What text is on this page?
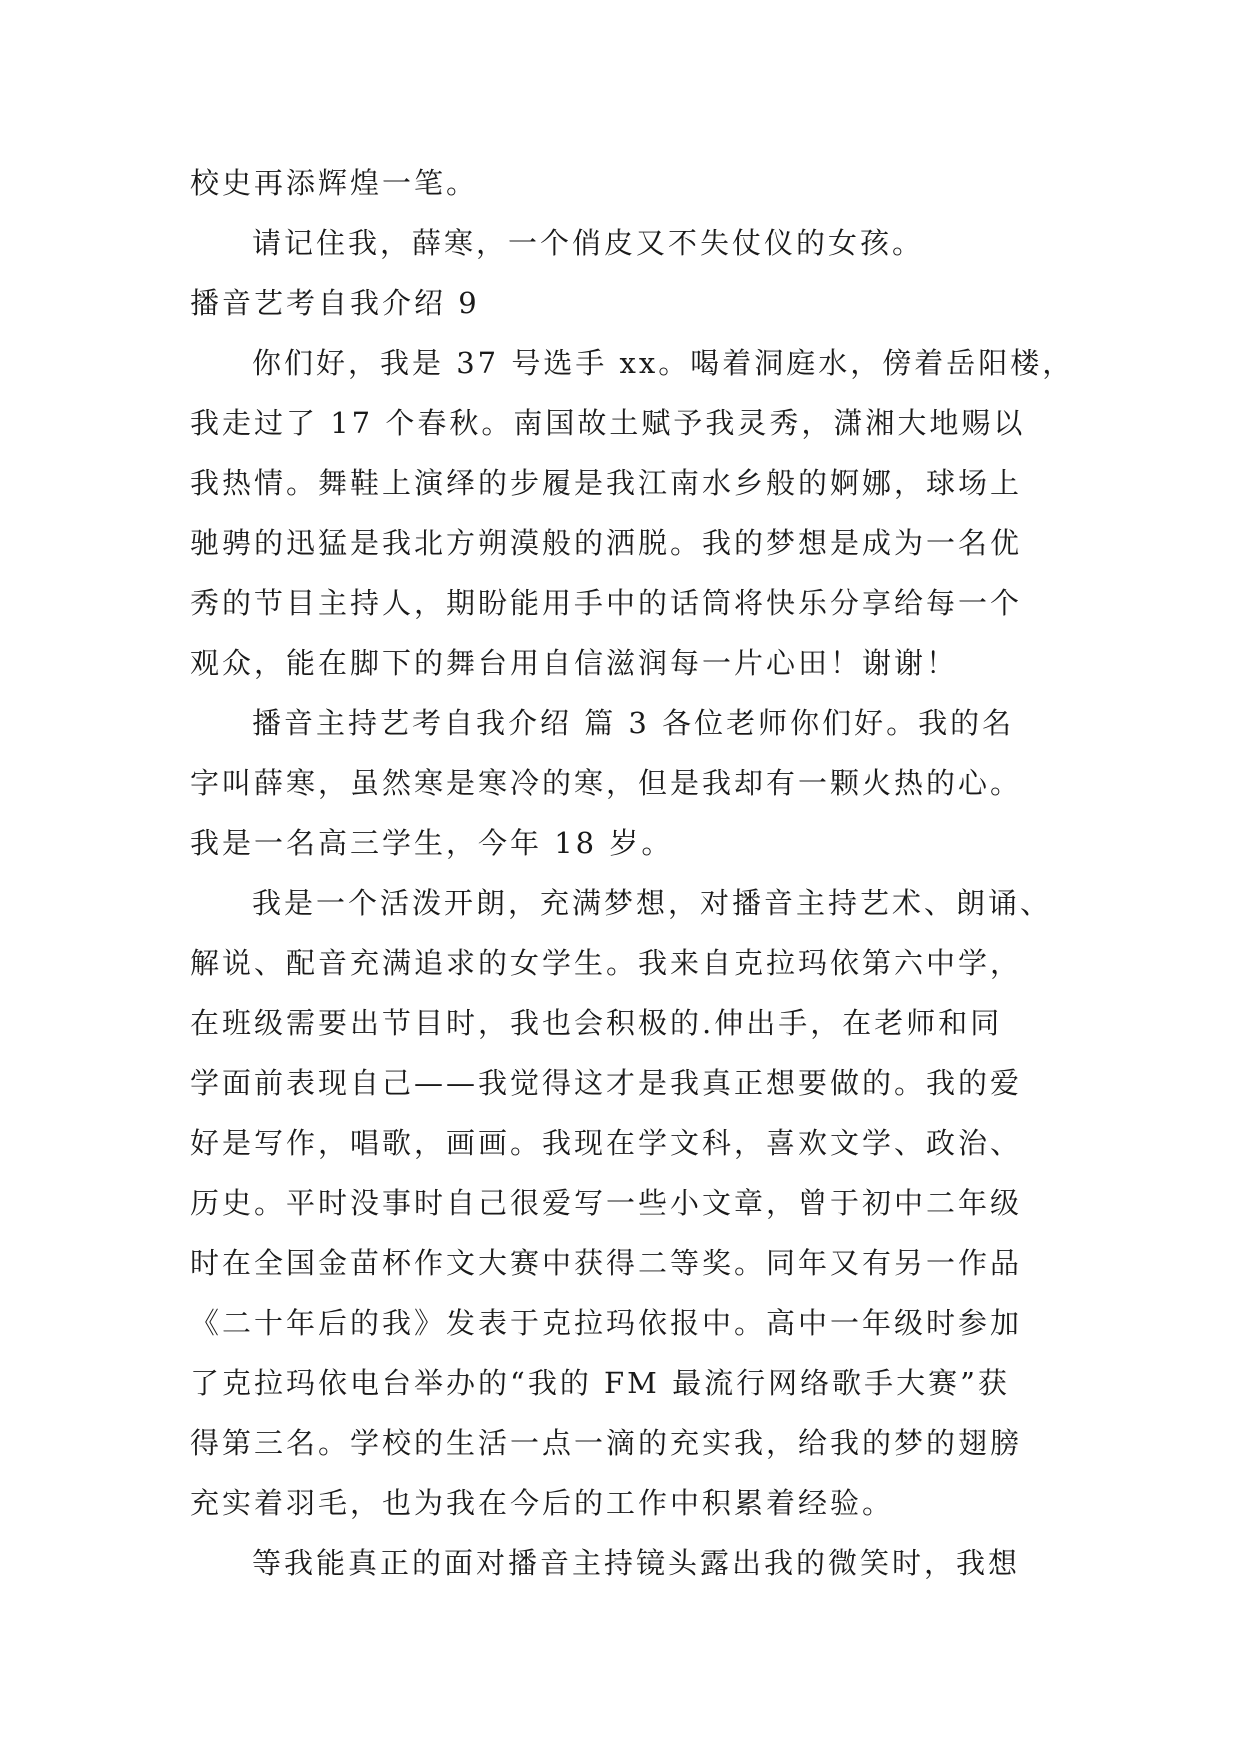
校史再添辉煌一笔。

请记住我，薛寒，一个俏皮又不失仗仪的女孩。

播音艺考自我介绍 9

你们好，我是 37 号选手 xx。喝着洞庭水，傍着岳阳楼，

我走过了 17 个春秋。南国故土赋予我灵秀，潇湘大地赐以

我热情。舞鞋上演绎的步履是我江南水乡般的婀娜，球场上

驰骋的迅猛是我北方朔漠般的洒脱。我的梦想是成为一名优

秀的节目主持人，期盼能用手中的话筒将快乐分享给每一个

观众，能在脚下的舞台用自信滋润每一片心田！谢谢！

播音主持艺考自我介绍 篇 3 各位老师你们好。我的名

字叫薛寒，虽然寒是寒冷的寒，但是我却有一颗火热的心。

我是一名高三学生，今年 18 岁。

我是一个活泼开朗，充满梦想，对播音主持艺术、朗诵、

解说、配音充满追求的女学生。我来自克拉玛依第六中学，

在班级需要出节目时，我也会积极的.伸出手，在老师和同

学面前表现自己——我觉得这才是我真正想要做的。我的爱

好是写作，唱歌，画画。我现在学文科，喜欢文学、政治、

历史。平时没事时自己很爱写一些小文章，曾于初中二年级

时在全国金苗杯作文大赛中获得二等奖。同年又有另一作品

《二十年后的我》发表于克拉玛依报中。高中一年级时参加

了克拉玛依电台举办的“我的 FM 最流行网络歌手大赛”获

得第三名。学校的生活一点一滴的充实我，给我的梦的翅膀

充实着羽毛，也为我在今后的工作中积累着经验。

等我能真正的面对播音主持镜头露出我的微笑时，我想
